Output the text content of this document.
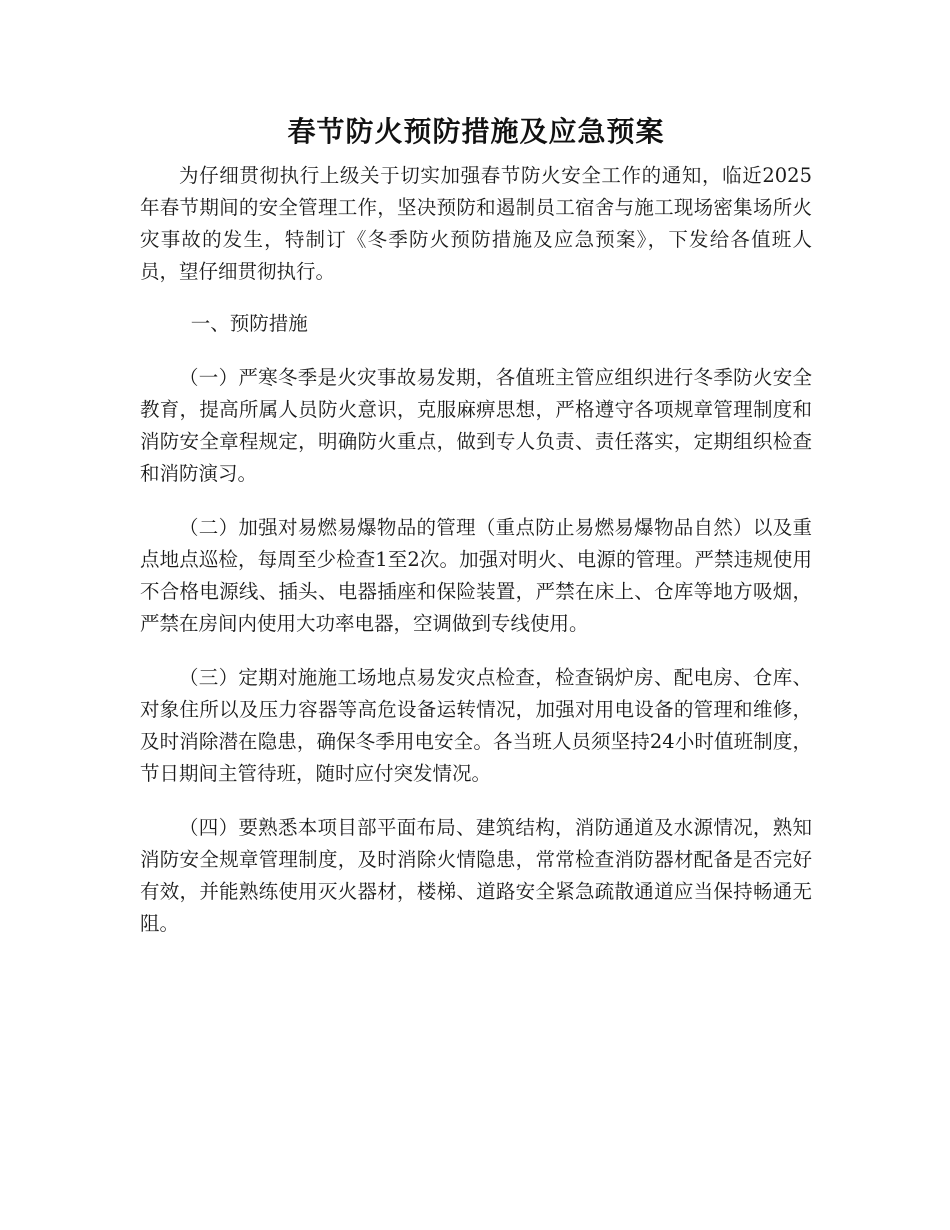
春节防火预防措施及应急预案

为仔细贯彻执行上级关于切实加强春节防火安全工作的通知，临近2025年春节期间的安全管理工作，坚决预防和遏制员工宿舍与施工现场密集场所火灾事故的发生，特制订《冬季防火预防措施及应急预案》，下发给各值班人员，望仔细贯彻执行。

一、预防措施

（一）严寒冬季是火灾事故易发期，各值班主管应组织进行冬季防火安全教育，提高所属人员防火意识，克服麻痹思想，严格遵守各项规章管理制度和消防安全章程规定，明确防火重点，做到专人负责、责任落实，定期组织检查和消防演习。

（二）加强对易燃易爆物品的管理（重点防止易燃易爆物品自然）以及重点地点巡检，每周至少检查1至2次。加强对明火、电源的管理。严禁违规使用不合格电源线、插头、电器插座和保险装置，严禁在床上、仓库等地方吸烟，严禁在房间内使用大功率电器，空调做到专线使用。

（三）定期对施施工场地点易发灾点检查，检查锅炉房、配电房、仓库、对象住所以及压力容器等高危设备运转情况，加强对用电设备的管理和维修，及时消除潜在隐患，确保冬季用电安全。各当班人员须坚持24小时值班制度，节日期间主管待班，随时应付突发情况。

（四）要熟悉本项目部平面布局、建筑结构，消防通道及水源情况，熟知消防安全规章管理制度，及时消除火情隐患，常常检查消防器材配备是否完好有效，并能熟练使用灭火器材，楼梯、道路安全紧急疏散通道应当保持畅通无阻。
